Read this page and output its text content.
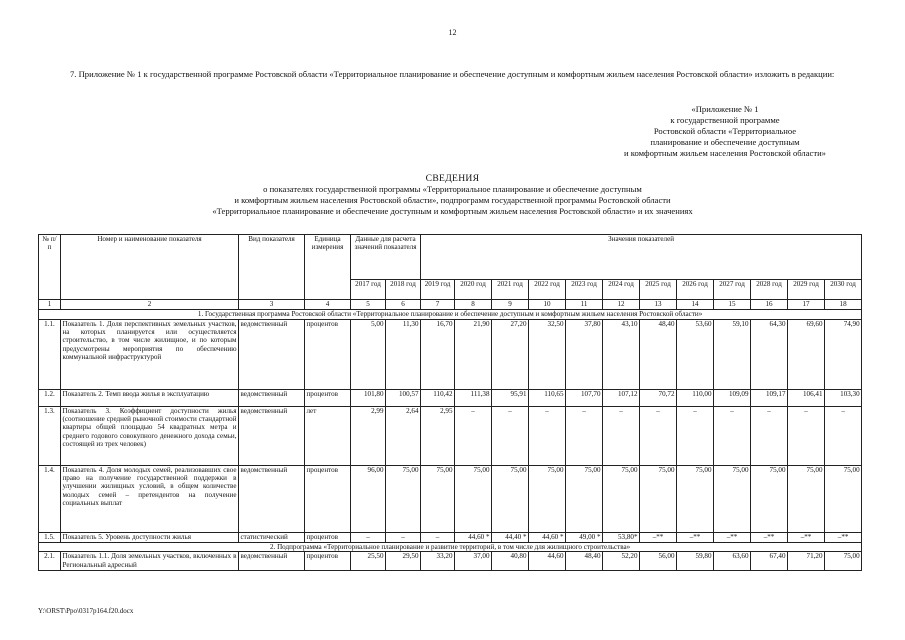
12
7. Приложение № 1 к государственной программе Ростовской области «Территориальное планирование и обеспечение доступным и комфортным жильем населения Ростовской области» изложить в редакции:
«Приложение № 1
к государственной программе
Ростовской области «Территориальное
планирование и обеспечение доступным
и комфортным жильем населения Ростовской области»
СВЕДЕНИЯ
о показателях государственной программы «Территориальное планирование и обеспечение доступным
и комфортным жильем населения Ростовской области», подпрограмм государственной программы Ростовской области
«Территориальное планирование и обеспечение доступным и комфортным жильем населения Ростовской области» и их значениях
№ п/п	Номер и наименование показателя	Вид показателя	Единица измерения	Данные для расчета значений показателя		Значения показателей											
				2017 год	2018 год	2019 год	2020 год	2021 год	2022 год	2023 год	2024 год	2025 год	2026 год	2027 год	2028 год	2029 год	2030 год
1	2	3	4	5	6	7	8	9	10	11	12	13	14	15	16	17	18
1. Государственная программа Ростовской области «Территориальное планирование и обеспечение доступным и комфортным жильем населения Ростовской области»																	
1.1.	Показатель 1. Доля перспективных земельных участков, на которых планируется или осуществляется строительство, в том числе жилищное, и по которым предусмотрены мероприятия по обеспечению коммунальной инфраструктурой	ведомственный	процентов	5,00	11,30	16,70	21,90	27,20	32,50	37,80	43,10	48,40	53,60	59,10	64,30	69,60	74,90
1.2.	Показатель 2. Темп ввода жилья в эксплуатацию	ведомственный	процентов	101,80	100,57	110,42	111,38	95,91	110,65	107,70	107,12	70,72	110,00	109,09	109,17	106,41	103,30
1.3.	Показатель 3. Коэффициент доступности жилья (соотношение средней рыночной стоимости стандартной квартиры общей площадью 54 квадратных метра и среднего годового совокупного денежного дохода семьи, состоящей из трех человек)	ведомственный	лет	2,99	2,64	2,95	–	–	–	–	–	–	–	–	–	–	–
1.4.	Показатель 4. Доля молодых семей, реализовавших свое право на получение государственной поддержки в улучшении жилищных условий, в общем количестве молодых семей – претендентов на получение социальных выплат	ведомственный	процентов	96,00	75,00	75,00	75,00	75,00	75,00	75,00	75,00	75,00	75,00	75,00	75,00	75,00	75,00
1.5.	Показатель 5. Уровень доступности жилья	статистический	процентов	–	–	–	44,60 *	44,40 *	44,60 *	49,00 *	53,80*	–**	–**	–**	–**	–**	–**
2. Подпрограмма «Территориальное планирование и развитие территорий, в том числе для жилищного строительства»																	
2.1.	Показатель 1.1. Доля земельных участков, включенных в Региональный адресный	ведомственный	процентов	25,50	29,50	33,20	37,00	40,80	44,60	48,40	52,20	56,00	59,80	63,60	67,40	71,20	75,00
Y:\ORST\Ppo\0317p164.f20.docx
